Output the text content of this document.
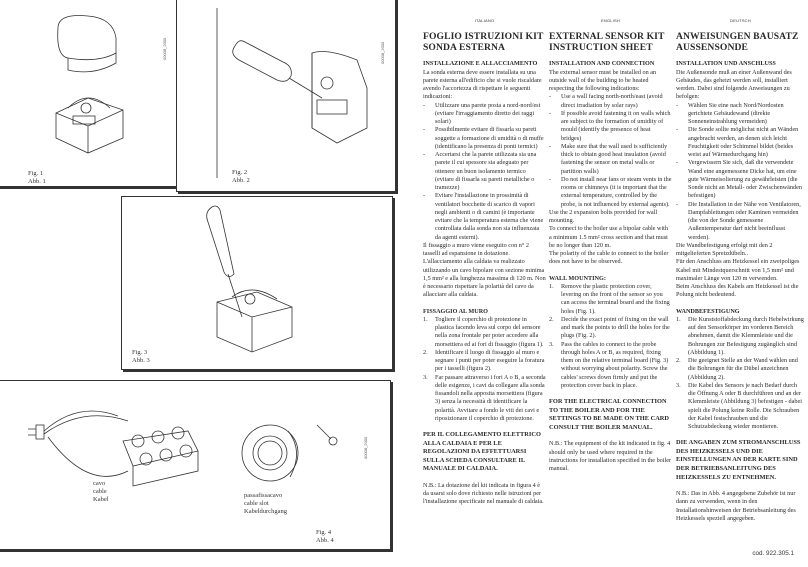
00008_2000
Fig. 1
Abb. 1
00008_2000
Fig. 2
Abb. 2
Fig. 3
Abb. 3
00008_2000
cavo
cable
Kabel
passafissacavo
cable slot
Kabeldurchgang
Fig. 4
Abb. 4
ITALIANO
FOGLIO ISTRUZIONI KIT SONDA ESTERNA
INSTALLAZIONE E ALLACCIAMENTO
La sonda esterna deve essere installata su una parete esterna all'edificio che si vuole riscaldare avendo l'accortezza di rispettare le seguenti indicazioni:
-	Utilizzare una parete posta a nord-nord/est (evitare l'irraggiamento diretto dei raggi solari)
-	Possibilmente evitare di fissarla su pareti soggette a formazione di umidità o di muffe (identificano la presenza di ponti termici)
-	Accertarsi che la parete utilizzata sia una parete il cui spessore sia adeguato per ottenere un buon isolamento termico (evitare di fissarla su pareti metalliche o tramezze)
-	Evitare l'installazione in prossimità di ventilatori bocchette di scarico di vapori negli ambienti o di camini (è importante evitare che la temperatura esterna che viene controllata dalla sonda non sia influenzata da agenti esterni).
Il fissaggio a muro viene eseguito con n° 2 tasselli ad espansione in dotazione.
L'allacciamento alla caldaia va realizzato utilizzando un cavo bipolare con sezione minima 1,5 mm² e alla lunghezza massima di 120 m. Non è necessario rispettare la polarità del cavo da allacciare alla caldaia.
FISSAGGIO AL MURO
1.	Togliere il coperchio di protezione in plastica facendo leva sul corpo del sensore nella zona frontale per poter accedere alla morsettiera ed ai fori di fissaggio (figura 1).
2.	Identificare il luogo di fissaggio al muro e segnare i punti per poter eseguire la foratura per i tasselli (figura 2).
3.	Far passare attraverso i fori A o B, a seconda delle esigenze, i cavi da collegare alla sonda fissandoli nella apposita morsettiera (figura 3) senza la necessità di identificare la polarità. Avvitare a fondo le viti dei cavi e riposizionare il coperchio di protezione.
PER IL COLLEGAMENTO ELETTRICO ALLA CALDAIA E PER LE REGOLAZIONI DA EFFETTUARSI SULLA SCHEDA CONSULTARE IL MANUALE DI CALDAIA.
N.B.: La dotazione del kit indicata in figura 4 è da usarsi solo dove richiesto nelle istruzioni per l'installazione specificate nel manuale di caldaia.
ENGLISH
EXTERNAL SENSOR KIT INSTRUCTION SHEET
INSTALLATION AND CONNECTION
The external sensor must be installed on an outside wall of the building to be heated respecting the following indications:
-	Use a wall facing north-north/east (avoid direct irradiation by solar rays)
-	If possible avoid fastening it on walls which are subject to the formation of umidity of mould (identify the presence of heat bridges)
-	Make sure that the wall used is sufficiently thick to obtain good heat insulation (avoid fastening the sensor on metal walls or partition walls)
-	Do not install near fans or steam vents in the rooms or chimneys (it is important that the external temperature, controlled by the probe, is not influenced by external agents).
Use the 2 expansion bolts provided for wall mounting.
To connect to the boiler use a bipolar cable with a minimum 1.5 mm² cross section and that must be no longer than 120 m.
The polarity of the cable to connect to the boiler does not have to be observed.
WALL MOUNTING:
1.	Remove the plastic protection cover, levering on the front of the sensor so you can access the terminal board and the fixing holes (Fig. 1).
2.	Decide the exact point of fixing on the wall and mark the points to drill the holes for the plugs (Fig. 2).
3.	Pass the cables to connect to the probe through holes A or B, as required, fixing them on the relative terminal board (Fig. 3) without worrying about polarity. Screw the cables' screws down firmly and put the protection cover back in place.
FOR THE ELECTRICAL CONNECTION TO THE BOILER AND FOR THE SETTINGS TO BE MADE ON THE CARD CONSULT THE BOILER MANUAL.
N.B.: The equipment of the kit indicated in fig. 4 should only be used where required in the instructions for installation specified in the boiler manual.
DEUTSCH
ANWEISUNGEN BAUSATZ AUSSENSONDE
INSTALLATION UND ANSCHLUSS
Die Außensonde muß an einer Außenwand des Gebäudes, das geheizt werden soll, installiert werden. Dabei sind folgende Anweisungen zu befolgen:
-	Wählen Sie eine nach Nord/Nordosten gerichtete Gebäudewand (direkte Sonneneinstrahlung vermeiden)
-	Die Sonde sollte möglichst nicht an Wänden angebracht werden, an denen sich leicht Feuchtigkeit oder Schimmel bildet (beides weist auf Wärmedurchgang hin)
-	Vergewissern Sie sich, daß die verwendete Wand eine angemessene Dicke hat, um eine gute Wärmeisolierung zu gewährleisten (die Sonde nicht an Metall- oder Zwischenwänden befestigen)
-	Die Installation in der Nähe von Ventilatoren, Dampfableitungen oder Kaminen vermeiden (die von der Sonde gemessene Außentemperatur darf nicht beeinflusst werden).
Die Wandbefestigung erfolgt mit den 2 mitgelieferten Spreizdübeln..
Für den Anschluss am Heizkessel ein zweipoliges Kabel mit Mindestquerschnitt von 1,5 mm² und maximaler Länge von 120 m verwenden.
Beim Anschluss des Kabels am Heizkessel ist die Polung nicht bedeutend.
WANDBEFESTIGUNG
1.	Die Kunststoffabdeckung durch Hebelwirkung auf den Sensorkörper im vorderen Bereich abnehmen, damit die Klemmleiste und die Bohrungen zur Befestigung zugänglich sind (Abbildung 1).
2.	Die geeignet Stelle an der Wand wählen und die Bohrungen für die Dübel anzeichnen (Abbildung 2).
3.	Die Kabel des Sensors je nach Bedarf durch die Öffnung A oder B durchführen und an der Klemmleiste (Abbildung 3) befestigen - dabei spielt die Polung keine Rolle. Die Schrauben der Kabel festschrauben und die Schutzabdeckung wieder montieren.
DIE ANGABEN ZUM STROMANSCHLUSS DES HEIZKESSELS UND DIE EINSTELLUNGEN AN DER KARTE SIND DER BETRIEBSANLEITUNG DES HEIZKESSELS ZU ENTNEHMEN.
N.B.: Das in Abb. 4 angegebene Zubehör ist nur dann zu verwenden, wenn in den Installationshinweisen der Betriebsanleitung des Heizkessels speziell angegeben.
cod. 922.305.1
